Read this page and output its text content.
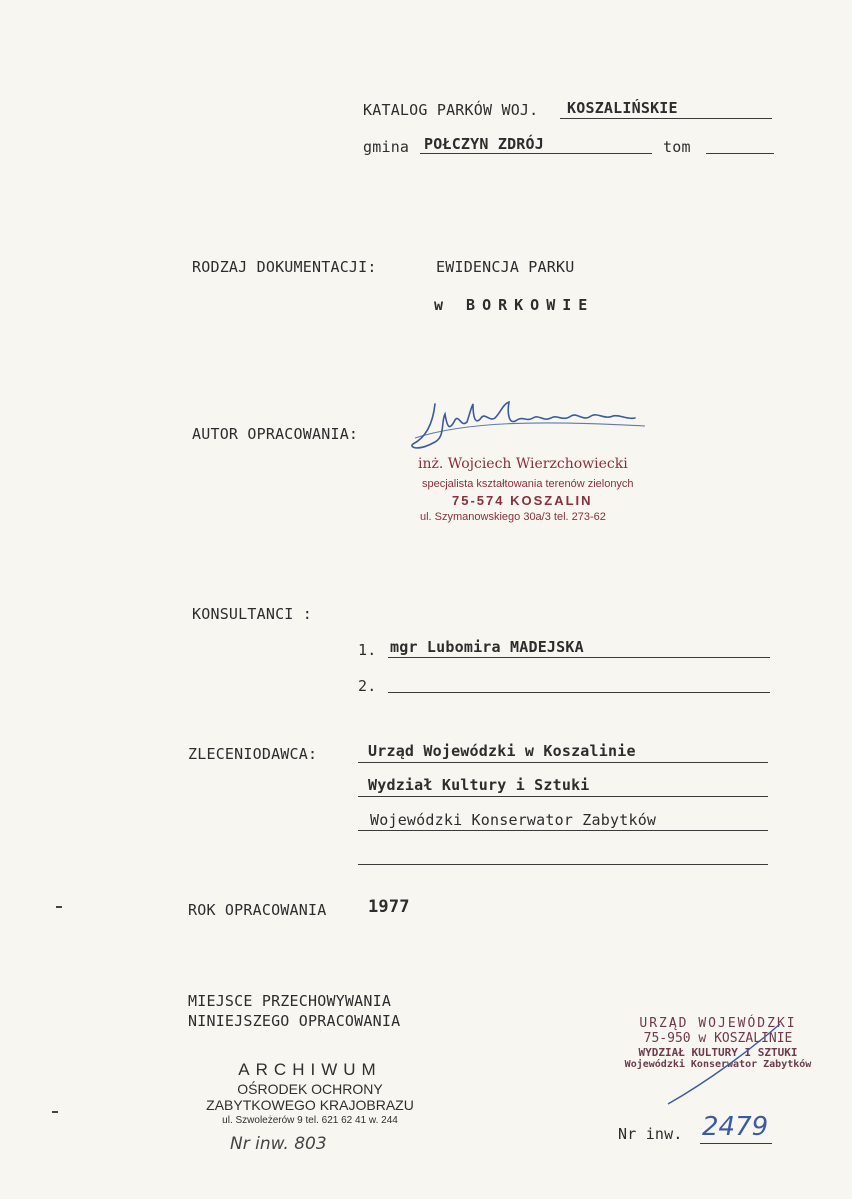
KATALOG PARKÓW WOJ. KOSZALIŃSKIE
gmina POŁCZYN ZDRÓJ	tom
RODZAJ DOKUMENTACJI:	EWIDENCJA PARKU
w BORKOWIE
AUTOR OPRACOWANIA:
inż. Wojciech Wierzchowiecki
specjalista kształtowania terenów zielonych
75-574 KOSZALIN
ul. Szymanowskiego 30a/3 tel. 273-62
KONSULTANCI :
1. mgr Lubomira MADEJSKA
2.
ZLECENIODAWCA:	Urząd Wojewódzki w Koszalinie
Wydział Kultury i Sztuki
Wojewódzki Konserwator Zabytków
ROK OPRACOWANIA 1977
MIEJSCE PRZECHOWYWANIA
NINIEJSZEGO OPRACOWANIA
ARCHIWUM
OŚRODEK OCHRONY
ZABYTKOWEGO KRAJOBRAZU
ul. Szwoleżerów 9 tel. 621 62 41 w. 244
Nr inw. 803
URZĄD WOJEWÓDZKI
75-950 w KOSZALINIE
WYDZIAŁ KULTURY I SZTUKI
Wojewódzki Konserwator Zabytków
Nr inw. 2479
